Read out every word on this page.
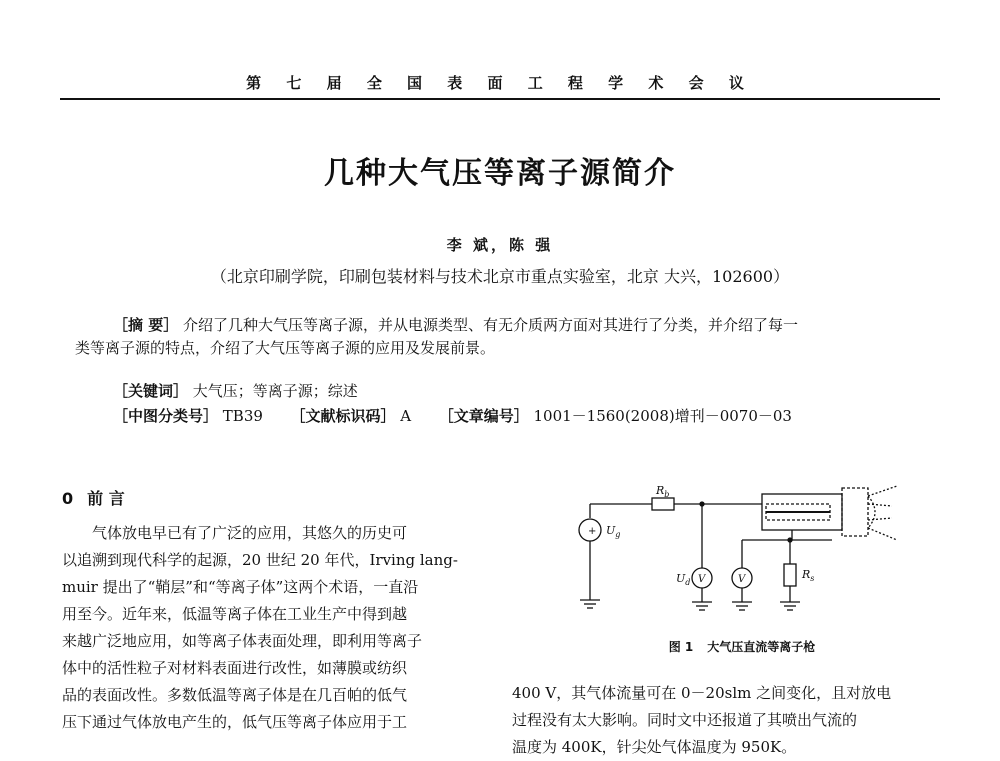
第 七 届 全 国 表 面 工 程 学 术 会 议
几种大气压等离子源简介
李 斌，陈 强
（北京印刷学院，印刷包装材料与技术北京市重点实验室，北京 大兴，102600）
［摘 要］ 介绍了几种大气压等离子源，并从电源类型、有无介质两方面对其进行了分类，并介绍了每一
类等离子源的特点，介绍了大气压等离子源的应用及发展前景。
［关键词］ 大气压；等离子源；综述
［中图分类号］ TB39 ［文献标识码］ A ［文章编号］ 1001－1560(2008)增刊－0070－03
0 前 言
气体放电早已有了广泛的应用，其悠久的历史可
以追溯到现代科学的起源，20 世纪 20 年代，Irving lang-
muir 提出了“鞘层”和“等离子体”这两个术语，一直沿
用至今。近年来，低温等离子体在工业生产中得到越
来越广泛地应用，如等离子体表面处理，即利用等离子
体中的活性粒子对材料表面进行改性，如薄膜或纺织
品的表面改性。多数低温等离子体是在几百帕的低气
压下通过气体放电产生的，低气压等离子体应用于工
+ $U_g$
$R_b$
$U_d$ V	V	$R_s$
图 1 大气压直流等离子枪
400 V，其气体流量可在 0－20slm 之间变化，且对放电
过程没有太大影响。同时文中还报道了其喷出气流的
温度为 400K，针尖处气体温度为 950K。
